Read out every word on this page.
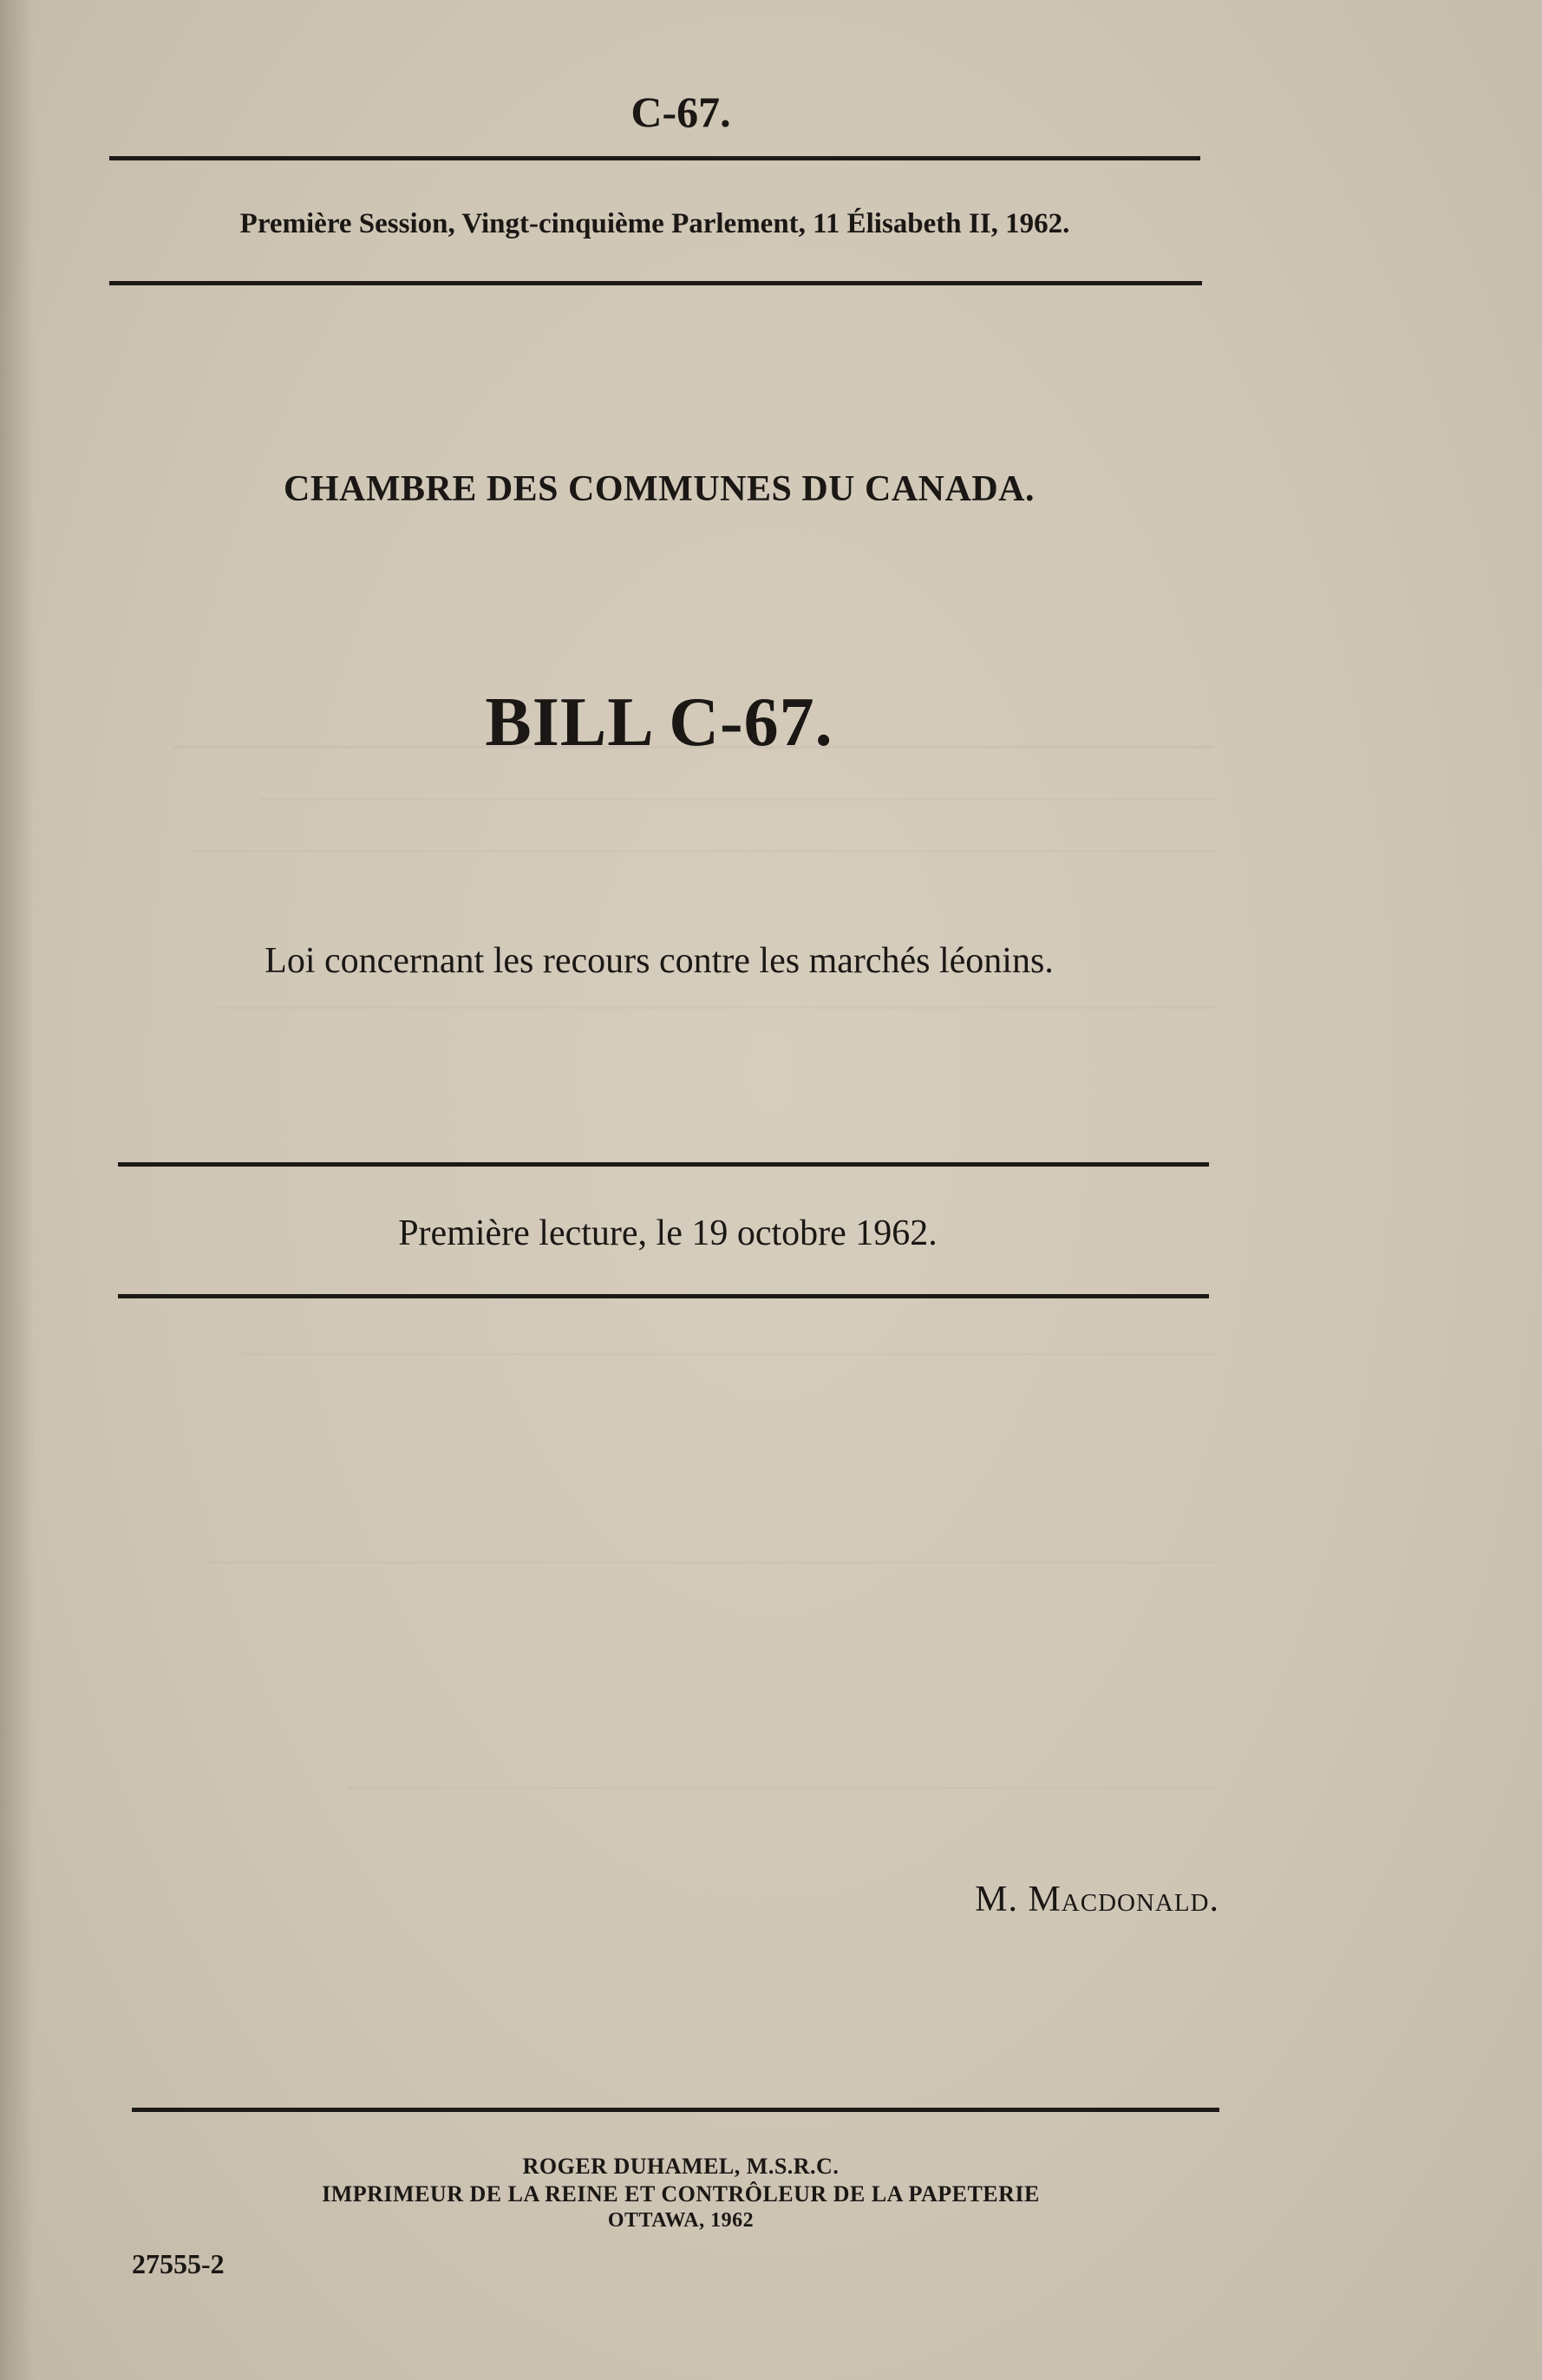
C-67.
Première Session, Vingt-cinquième Parlement, 11 Élisabeth II, 1962.
CHAMBRE DES COMMUNES DU CANADA.
BILL C-67.
Loi concernant les recours contre les marchés léonins.
Première lecture, le 19 octobre 1962.
M. Macdonald.
ROGER DUHAMEL, M.S.R.C.
IMPRIMEUR DE LA REINE ET CONTRÔLEUR DE LA PAPETERIE
OTTAWA, 1962
27555-2
